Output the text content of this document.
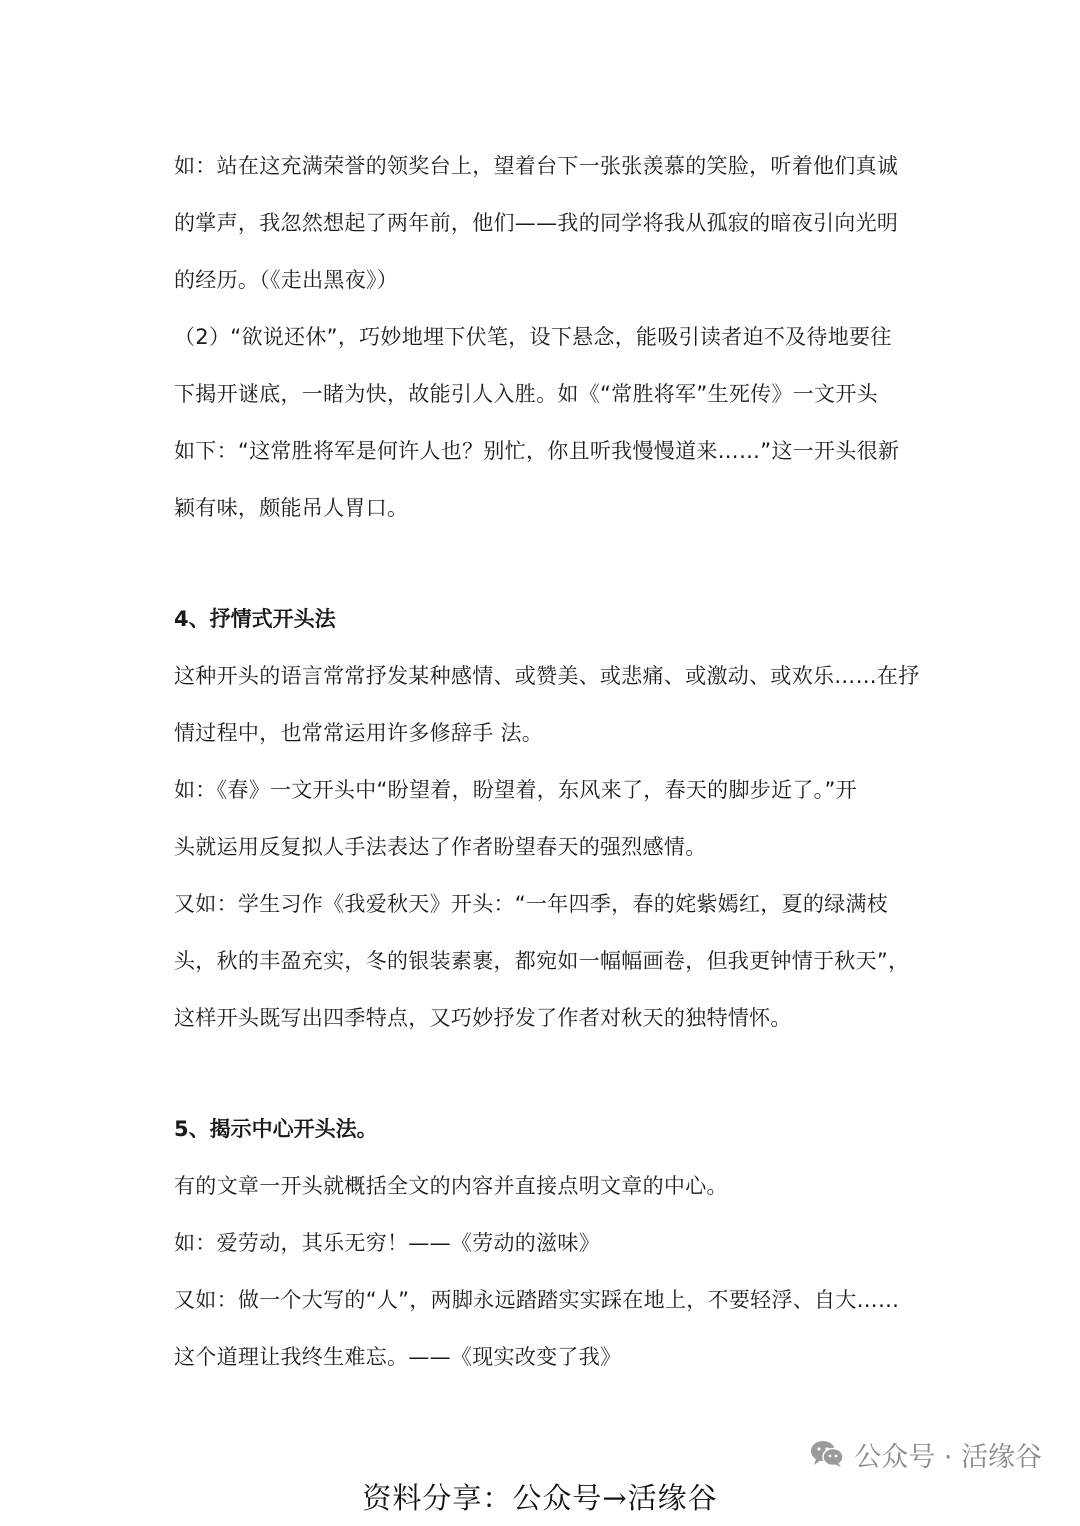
如：站在这充满荣誉的领奖台上，望着台下一张张羡慕的笑脸，听着他们真诚
的掌声，我忽然想起了两年前，他们——我的同学将我从孤寂的暗夜引向光明
的经历。（《走出黑夜》）
（2）“欲说还休”，巧妙地埋下伏笔，设下悬念，能吸引读者迫不及待地要往
下揭开谜底，一睹为快，故能引人入胜。如《“常胜将军”生死传》一文开头
如下：“这常胜将军是何许人也？别忙，你且听我慢慢道来……”这一开头很新
颖有味，颇能吊人胃口。
4、抒情式开头法
这种开头的语言常常抒发某种感情、或赞美、或悲痛、或激动、或欢乐……在抒
情过程中，也常常运用许多修辞手 法。
如：《春》一文开头中“盼望着，盼望着，东风来了，春天的脚步近了。”开
头就运用反复拟人手法表达了作者盼望春天的强烈感情。
又如：学生习作《我爱秋天》开头：“一年四季，春的姹紫嫣红，夏的绿满枝
头，秋的丰盈充实，冬的银装素裹，都宛如一幅幅画卷，但我更钟情于秋天”，
这样开头既写出四季特点，又巧妙抒发了作者对秋天的独特情怀。
5、揭示中心开头法。
有的文章一开头就概括全文的内容并直接点明文章的中心。
如：爱劳动，其乐无穷！——《劳动的滋味》
又如：做一个大写的“人”，两脚永远踏踏实实踩在地上，不要轻浮、自大……
这个道理让我终生难忘。——《现实改变了我》
公众号 · 活缘谷
资料分享：公众号→活缘谷
